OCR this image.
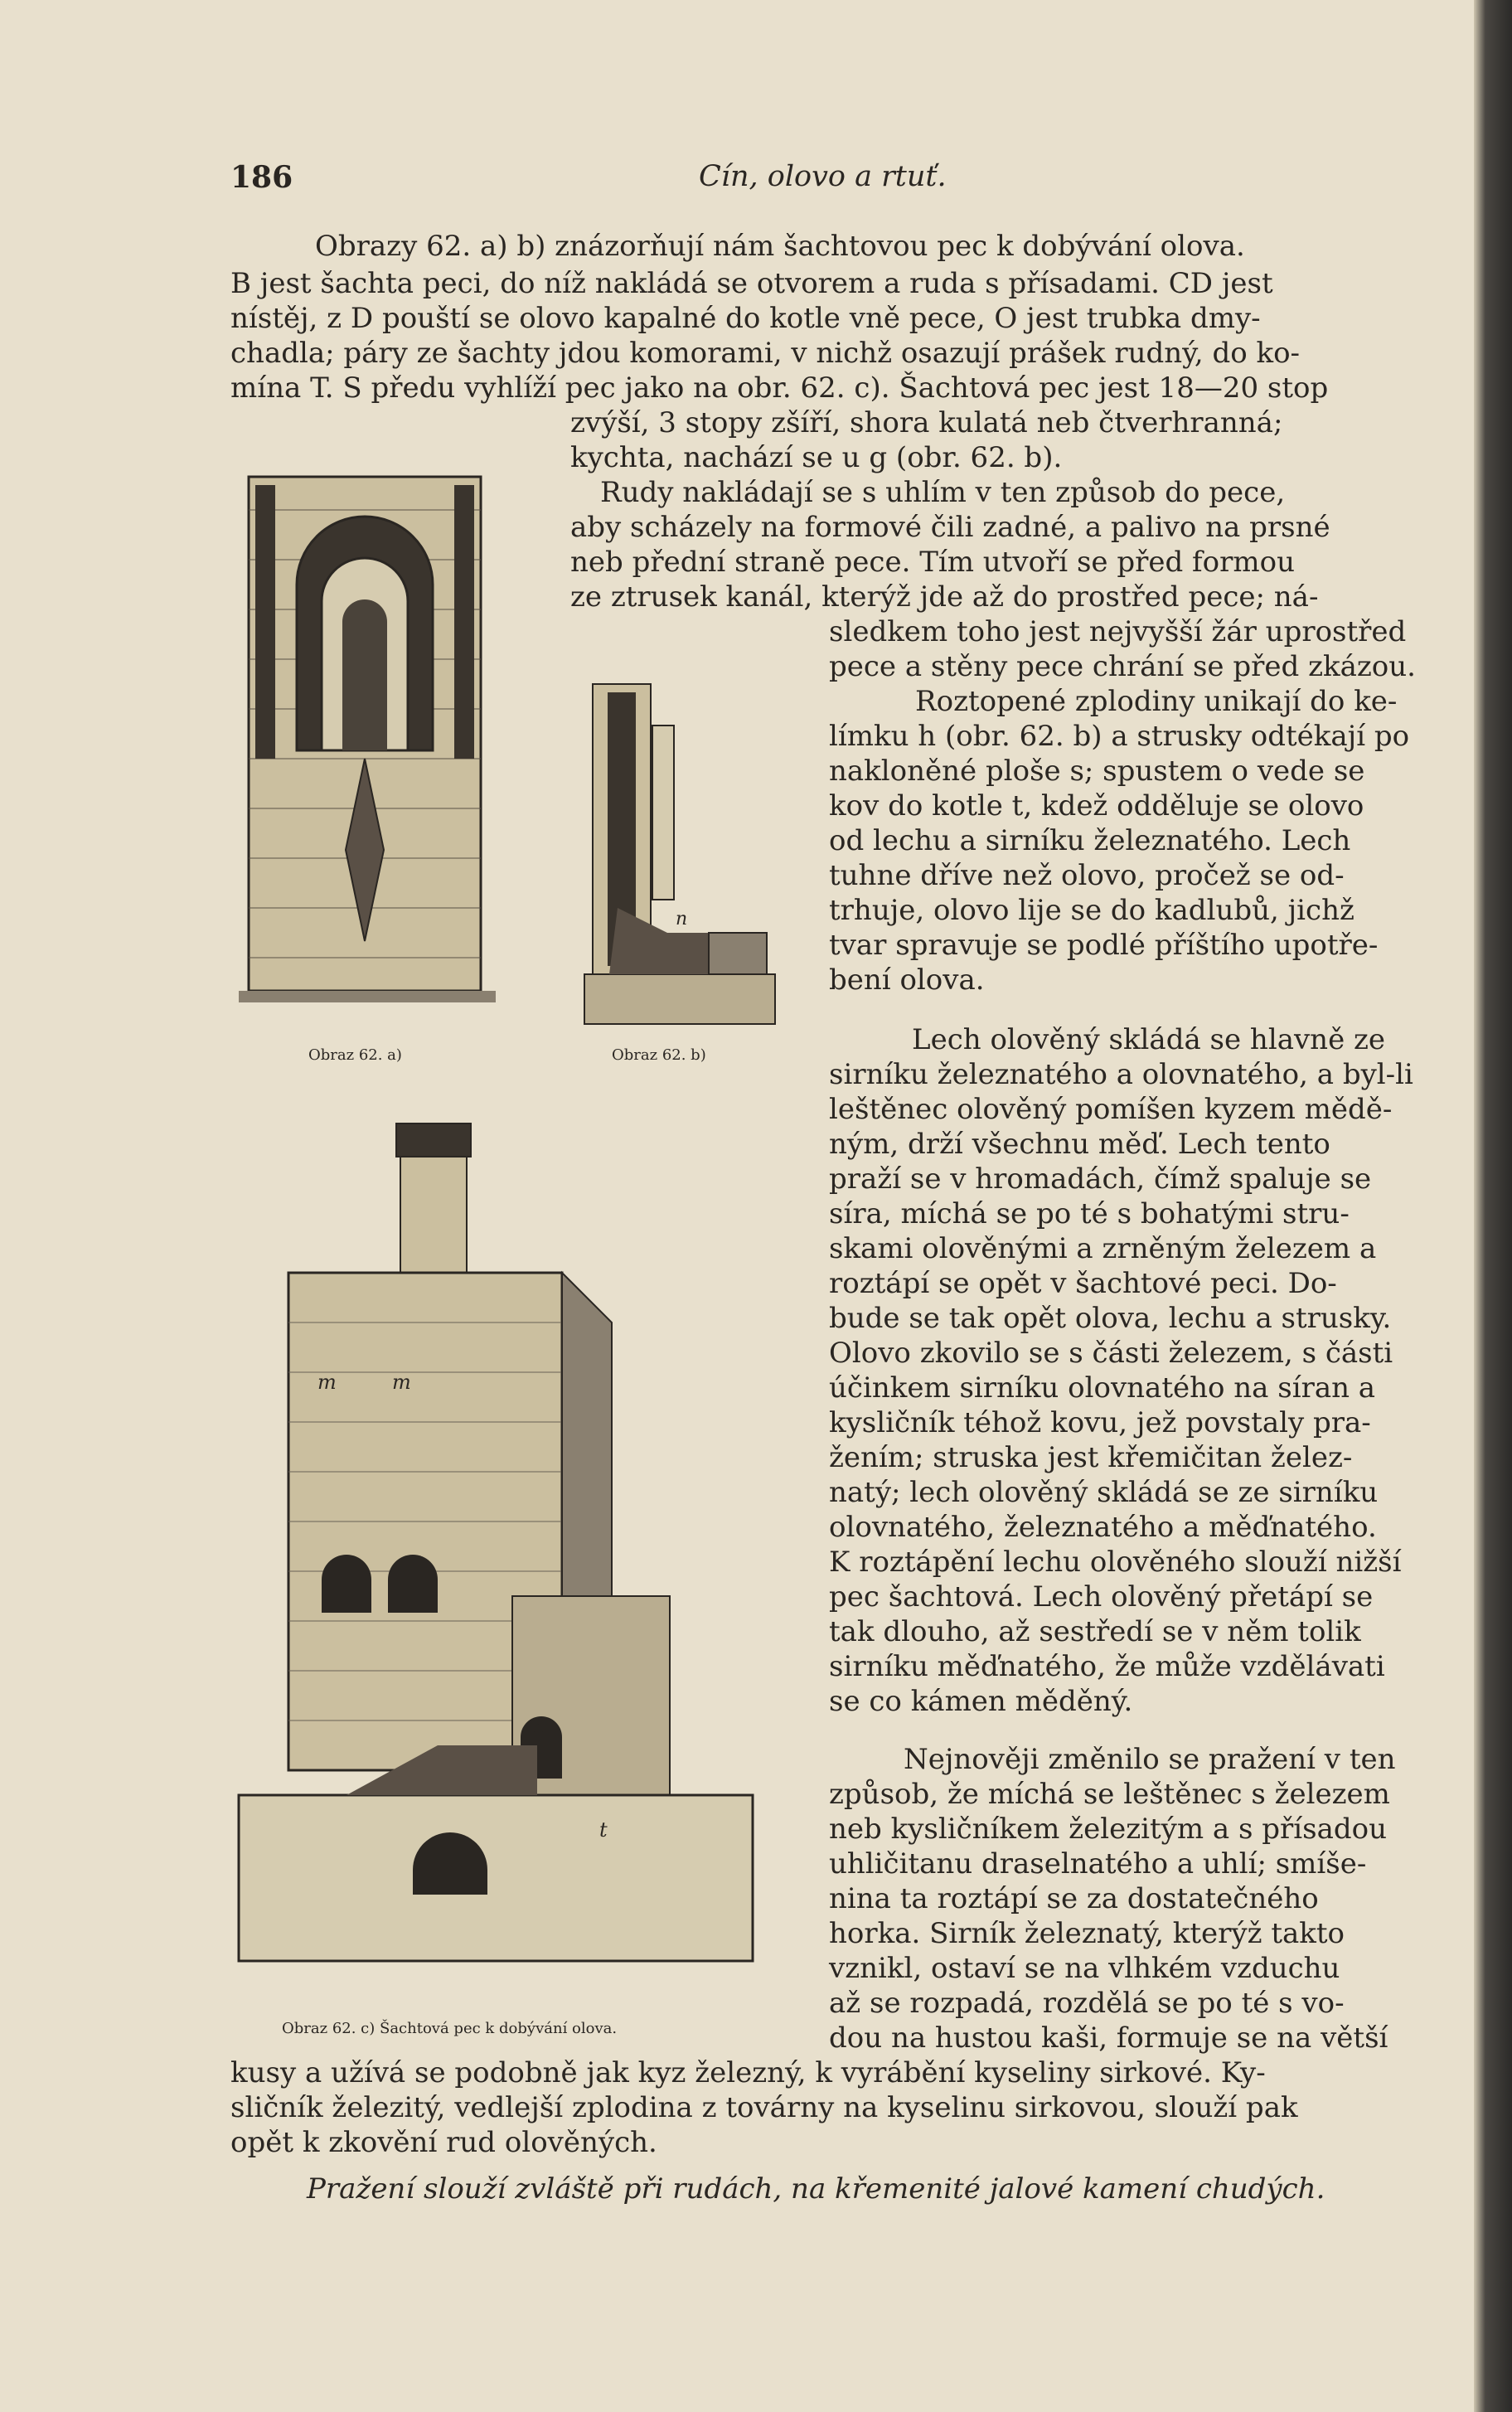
186	Cín, olovo a rtuť.
Obrazy 62. a) b) znázorňují nám šachtovou pec k dobývání olova.
B jest šachta peci, do níž nakládá se otvorem a ruda s přísadami. CD jest
nístěj, z D pouští se olovo kapalné do kotle vně pece, O jest trubka dmy-
chadla; páry ze šachty jdou komorami, v nichž osazují prášek rudný, do ko-
mína T. S předu vyhlíží pec jako na obr. 62. c). Šachtová pec jest 18—20 stop
zvýší, 3 stopy zšíří, shora kulatá neb čtverhranná;
kychta, nachází se u g (obr. 62. b).
Rudy nakládají se s uhlím v ten způsob do pece,
aby scházely na formové čili zadné, a palivo na prsné
neb přední straně pece. Tím utvoří se před formou
ze ztrusek kanál, kterýž jde až do prostřed pece; ná-
sledkem toho jest nejvyšší žár uprostřed
pece a stěny pece chrání se před zkázou.
Roztopené zplodiny unikají do ke-
límku h (obr. 62. b) a strusky odtékají po
nakloněné ploše s; spustem o vede se
kov do kotle t, kdež odděluje se olovo
od lechu a sirníku železnatého. Lech
tuhne dříve než olovo, pročež se od-
trhuje, olovo lije se do kadlubů, jichž
tvar spravuje se podlé příštího upotře-
bení olova.
Lech olověný skládá se hlavně ze
sirníku železnatého a olovnatého, a byl-li
leštěnec olověný pomíšen kyzem mědě-
ným, drží všechnu měď. Lech tento
praží se v hromadách, čímž spaluje se
síra, míchá se po té s bohatými stru-
skami olověnými a zrněným železem a
roztápí se opět v šachtové peci. Do-
bude se tak opět olova, lechu a strusky.
Olovo zkovilo se s části železem, s části
účinkem sirníku olovnatého na síran a
kysličník téhož kovu, jež povstaly pra-
žením; struska jest křemičitan želez-
natý; lech olověný skládá se ze sirníku
olovnatého, železnatého a měďnatého.
K roztápění lechu olověného slouží nižší
pec šachtová. Lech olověný přetápí se
tak dlouho, až sestředí se v něm tolik
sirníku měďnatého, že může vzdělávati
se co kámen měděný.
Nejnověji změnilo se pražení v ten
způsob, že míchá se leštěnec s železem
neb kysličníkem železitým a s přísadou
uhličitanu draselnatého a uhlí; smíše-
nina ta roztápí se za dostatečného
horka. Sirník železnatý, kterýž takto
vznikl, ostaví se na vlhkém vzduchu
až se rozpadá, rozdělá se po té s vo-
dou na hustou kaši, formuje se na větší
kusy a užívá se podobně jak kyz železný, k vyrábění kyseliny sirkové. Ky-
sličník železitý, vedlejší zplodina z továrny na kyselinu sirkovou, slouží pak
opět k zkovění rud olověných.
Pražení slouží zvláště při rudách, na křemenité jalové kamení chudých.
n
m	m
h
t
Obraz 62. a)	Obraz 62. b)
Obraz 62. c) Šachtová pec k dobývání olova.
